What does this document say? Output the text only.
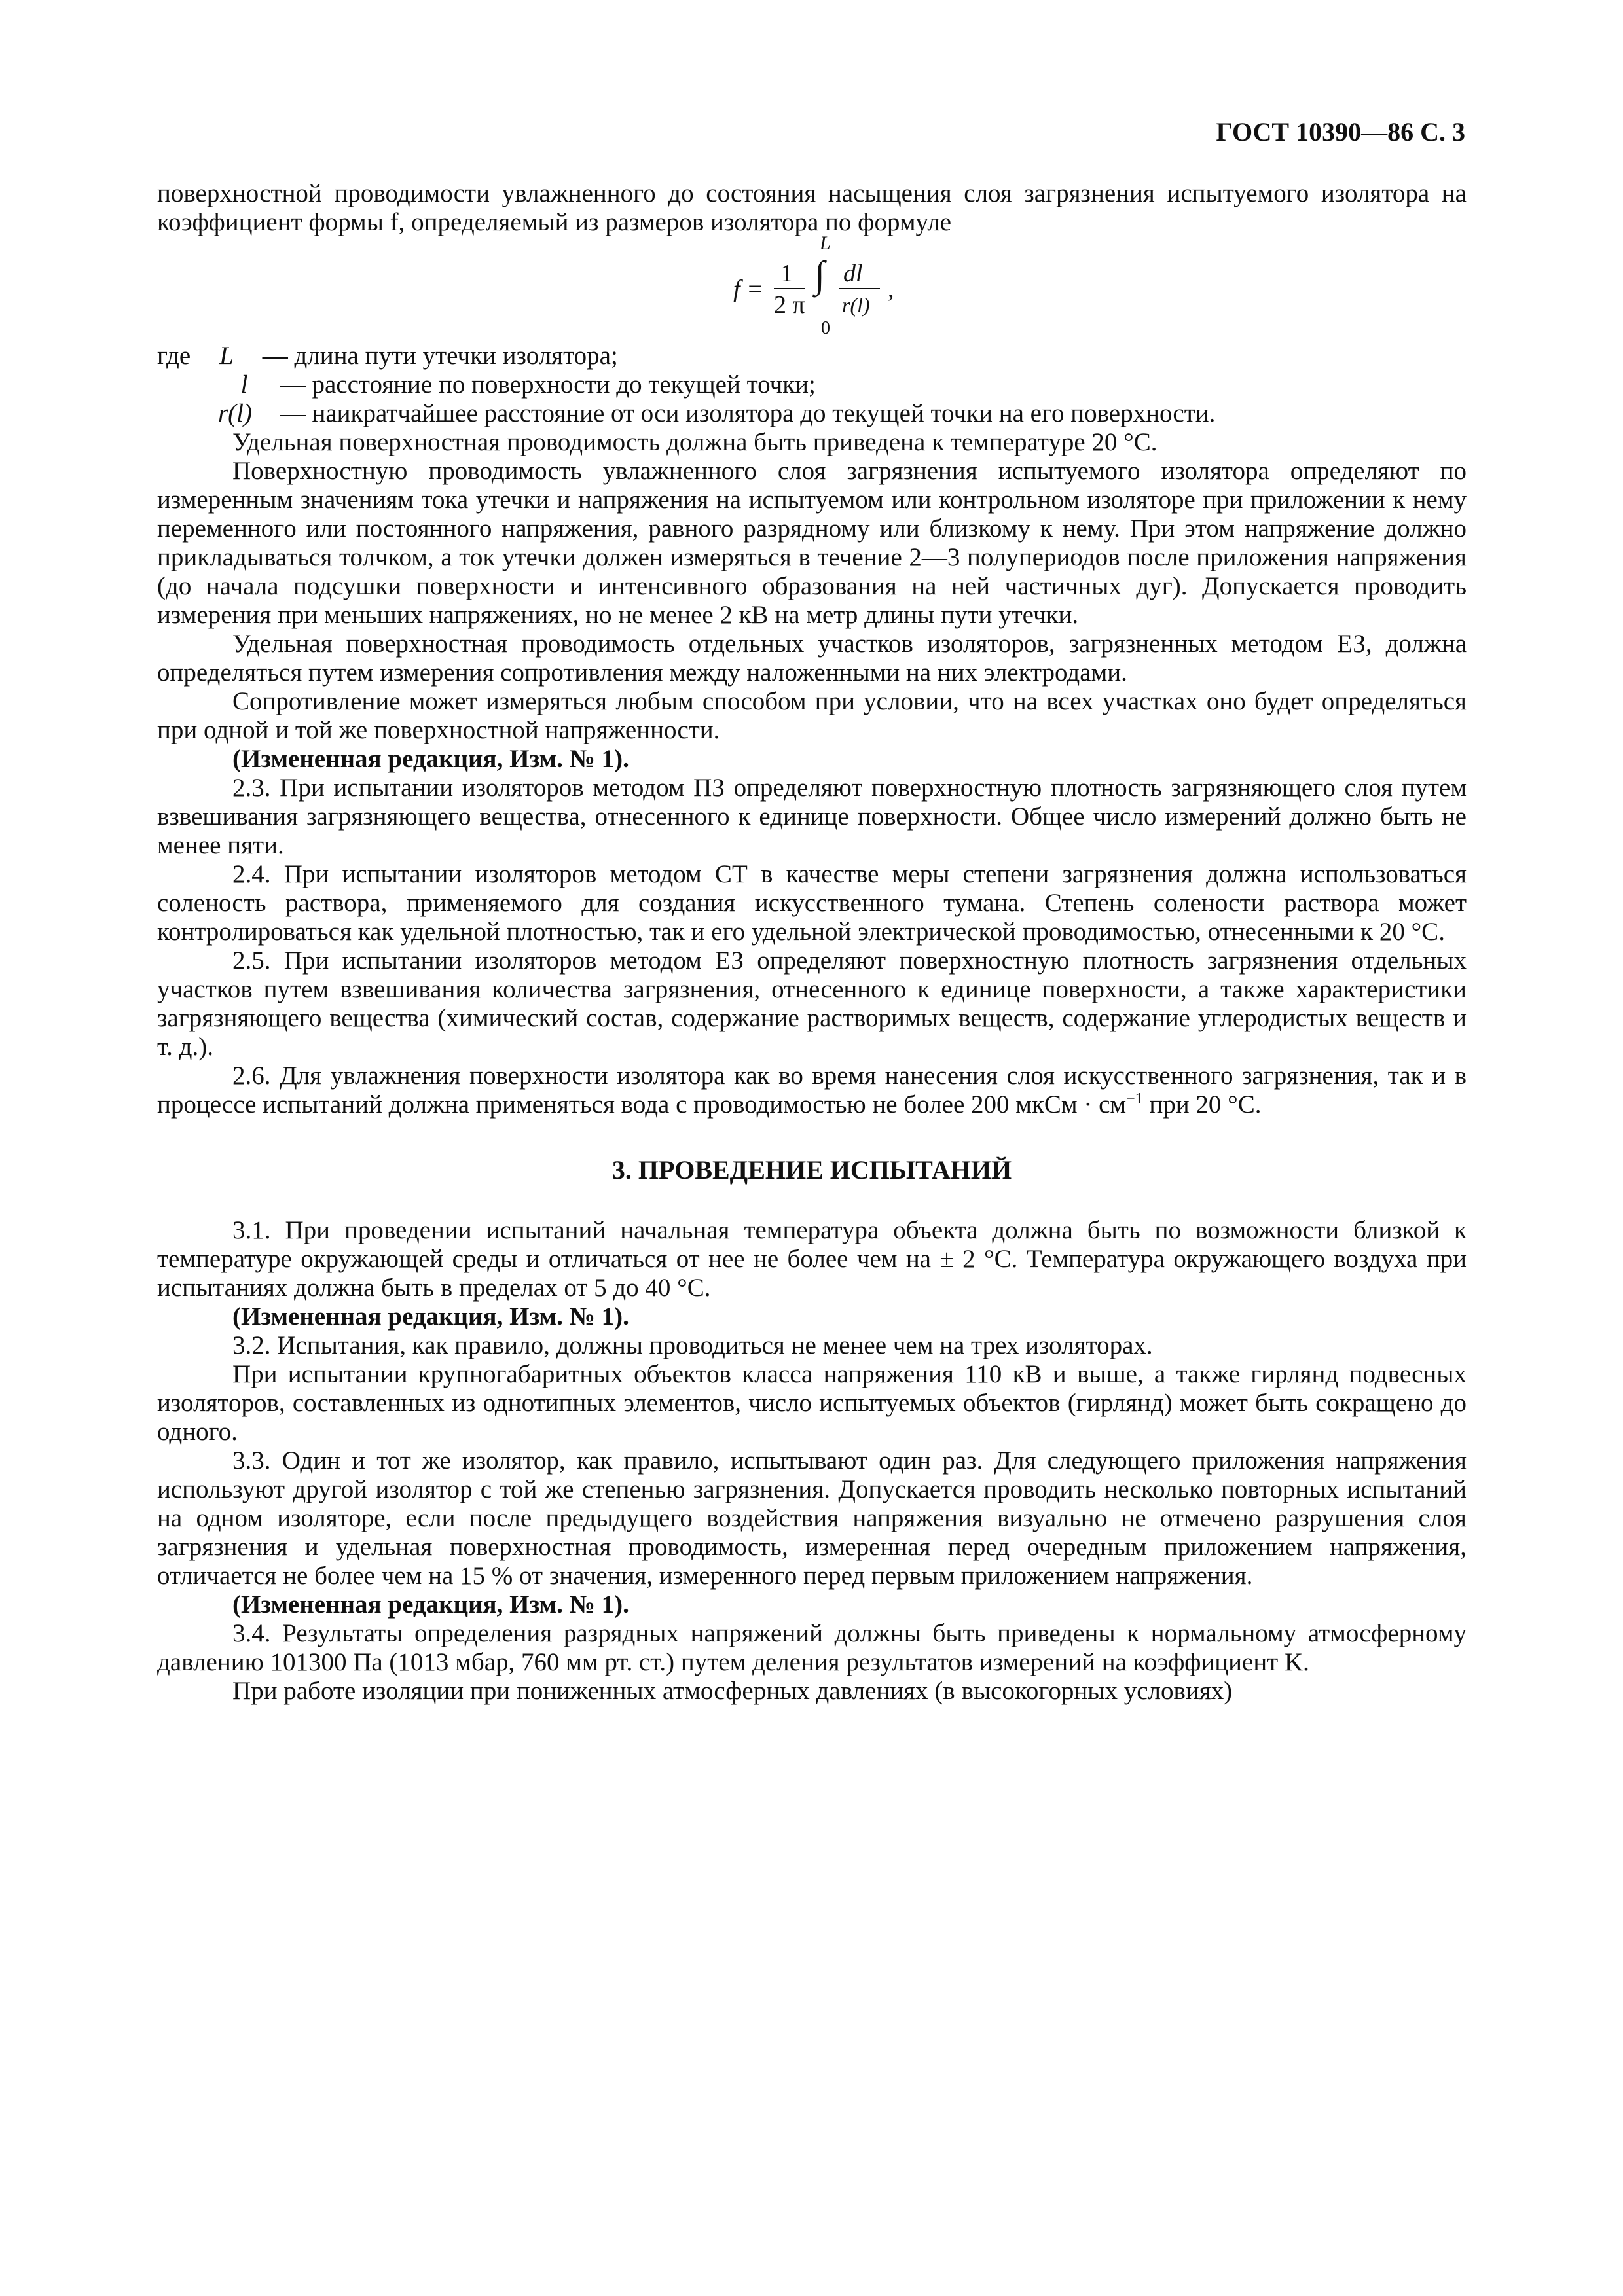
ГОСТ 10390—86 С. 3

поверхностной проводимости увлажненного до состояния насыщения слоя загрязнения испытуемого изолятора на коэффициент формы f, определяемый из размеров изолятора по формуле

f =
1
2 π
L
∫
0
dl
r(l)
,
где L — длина пути утечки изолятора;
l — расстояние по поверхности до текущей точки;
r(l) — наикратчайшее расстояние от оси изолятора до текущей точки на его поверхности.

Удельная поверхностная проводимость должна быть приведена к температуре 20 °С.

Поверхностную проводимость увлажненного слоя загрязнения испытуемого изолятора определяют по измеренным значениям тока утечки и напряжения на испытуемом или контрольном изоляторе при приложении к нему переменного или постоянного напряжения, равного разрядному или близкому к нему. При этом напряжение должно прикладываться толчком, а ток утечки должен измеряться в течение 2—3 полупериодов после приложения напряжения (до начала подсушки поверхности и интенсивного образования на ней частичных дуг). Допускается проводить измерения при меньших напряжениях, но не менее 2 кВ на метр длины пути утечки.

Удельная поверхностная проводимость отдельных участков изоляторов, загрязненных методом ЕЗ, должна определяться путем измерения сопротивления между наложенными на них электродами.

Сопротивление может измеряться любым способом при условии, что на всех участках оно будет определяться при одной и той же поверхностной напряженности.

(Измененная редакция, Изм. № 1).

2.3. При испытании изоляторов методом ПЗ определяют поверхностную плотность загрязняющего слоя путем взвешивания загрязняющего вещества, отнесенного к единице поверхности. Общее число измерений должно быть не менее пяти.

2.4. При испытании изоляторов методом СТ в качестве меры степени загрязнения должна использоваться соленость раствора, применяемого для создания искусственного тумана. Степень солености раствора может контролироваться как удельной плотностью, так и его удельной электрической проводимостью, отнесенными к 20 °С.

2.5. При испытании изоляторов методом ЕЗ определяют поверхностную плотность загрязнения отдельных участков путем взвешивания количества загрязнения, отнесенного к единице поверхности, а также характеристики загрязняющего вещества (химический состав, содержание растворимых веществ, содержание углеродистых веществ и т. д.).

2.6. Для увлажнения поверхности изолятора как во время нанесения слоя искусственного загрязнения, так и в процессе испытаний должна применяться вода с проводимостью не более 200 мкСм · $см^{-1}$ при 20 °С.

3. ПРОВЕДЕНИЕ ИСПЫТАНИЙ

3.1. При проведении испытаний начальная температура объекта должна быть по возможности близкой к температуре окружающей среды и отличаться от нее не более чем на ± 2 °С. Температура окружающего воздуха при испытаниях должна быть в пределах от 5 до 40 °С.

(Измененная редакция, Изм. № 1).

3.2. Испытания, как правило, должны проводиться не менее чем на трех изоляторах.

При испытании крупногабаритных объектов класса напряжения 110 кВ и выше, а также гирлянд подвесных изоляторов, составленных из однотипных элементов, число испытуемых объектов (гирлянд) может быть сокращено до одного.

3.3. Один и тот же изолятор, как правило, испытывают один раз. Для следующего приложения напряжения используют другой изолятор с той же степенью загрязнения. Допускается проводить несколько повторных испытаний на одном изоляторе, если после предыдущего воздействия напряжения визуально не отмечено разрушения слоя загрязнения и удельная поверхностная проводимость, измеренная перед очередным приложением напряжения, отличается не более чем на 15 % от значения, измеренного перед первым приложением напряжения.

(Измененная редакция, Изм. № 1).

3.4. Результаты определения разрядных напряжений должны быть приведены к нормальному атмосферному давлению 101300 Па (1013 мбар, 760 мм рт. ст.) путем деления результатов измерений на коэффициент K.

При работе изоляции при пониженных атмосферных давлениях (в высокогорных условиях)
